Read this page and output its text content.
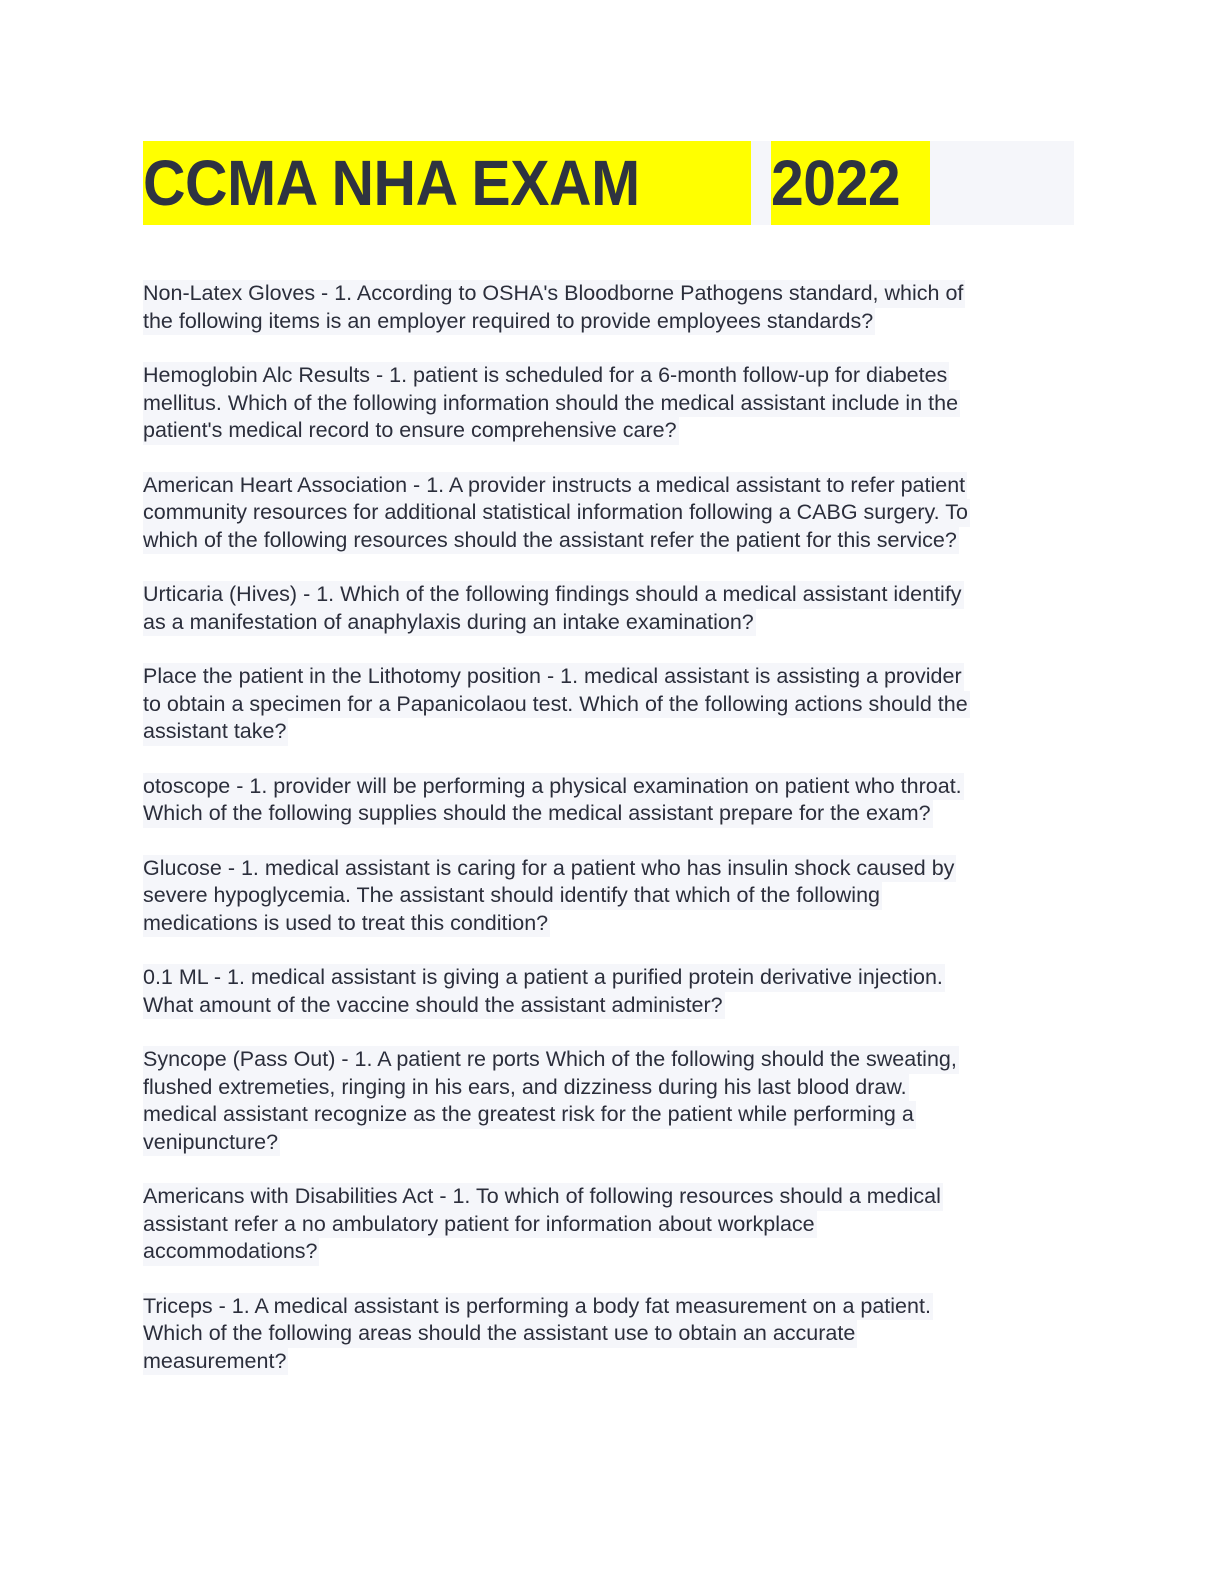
CCMA NHA EXAM	2022
Non-Latex Gloves - 1. According to OSHA's Bloodborne Pathogens standard, which of
the following items is an employer required to provide employees standards?
Hemoglobin Alc Results - 1. patient is scheduled for a 6-month follow-up for diabetes
mellitus. Which of the following information should the medical assistant include in the
patient's medical record to ensure comprehensive care?
American Heart Association - 1. A provider instructs a medical assistant to refer patient
community resources for additional statistical information following a CABG surgery. To
which of the following resources should the assistant refer the patient for this service?
Urticaria (Hives) - 1. Which of the following findings should a medical assistant identify
as a manifestation of anaphylaxis during an intake examination?
Place the patient in the Lithotomy position - 1. medical assistant is assisting a provider
to obtain a specimen for a Papanicolaou test. Which of the following actions should the
assistant take?
otoscope - 1. provider will be performing a physical examination on patient who throat.
Which of the following supplies should the medical assistant prepare for the exam?
Glucose - 1. medical assistant is caring for a patient who has insulin shock caused by
severe hypoglycemia. The assistant should identify that which of the following
medications is used to treat this condition?
0.1 ML - 1. medical assistant is giving a patient a purified protein derivative injection.
What amount of the vaccine should the assistant administer?
Syncope (Pass Out) - 1. A patient re ports Which of the following should the sweating,
flushed extremeties, ringing in his ears, and dizziness during his last blood draw.
medical assistant recognize as the greatest risk for the patient while performing a
venipuncture?
Americans with Disabilities Act - 1. To which of following resources should a medical
assistant refer a no ambulatory patient for information about workplace
accommodations?
Triceps - 1. A medical assistant is performing a body fat measurement on a patient.
Which of the following areas should the assistant use to obtain an accurate
measurement?
